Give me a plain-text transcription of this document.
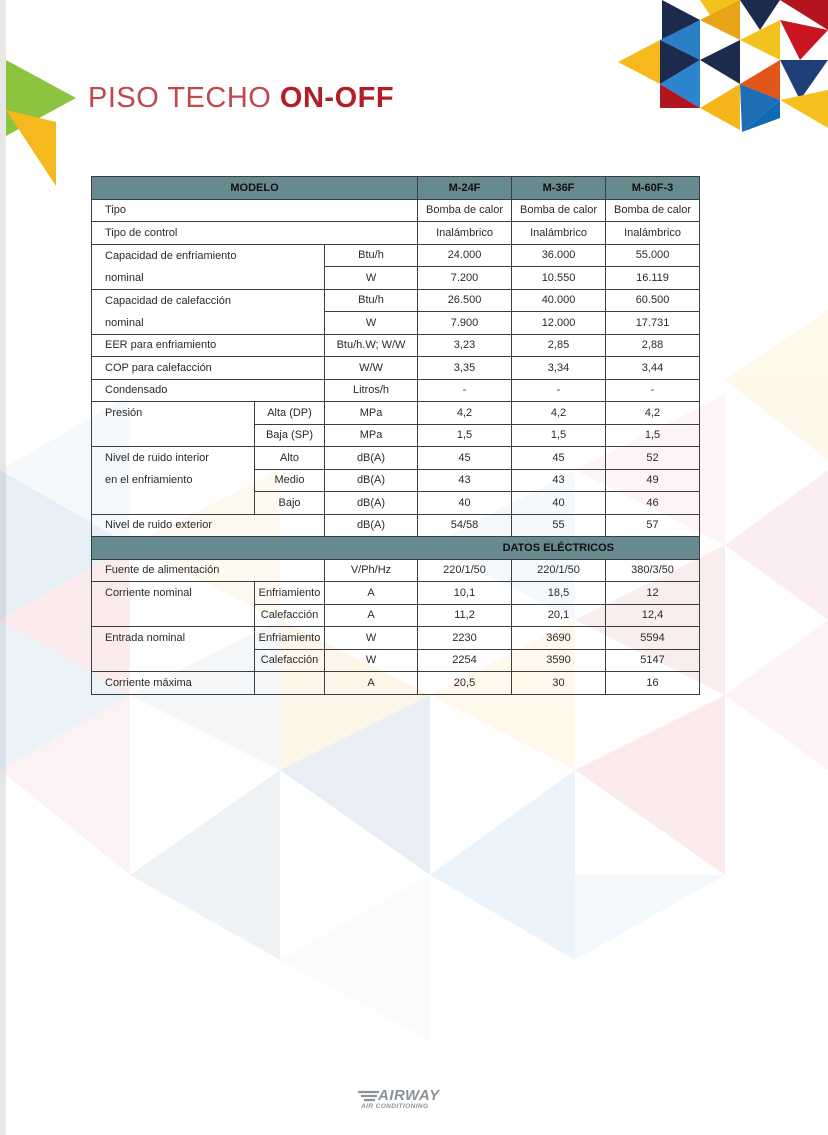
PISO TECHO ON-OFF
MODELO			M-24F	M-36F	M-60F-3
Tipo			Bomba de calor	Bomba de calor	Bomba de calor
Tipo de control			Inalámbrico	Inalámbrico	Inalámbrico
Capacidad de enfriamiento		Btu/h	24.000	36.000	55.000
nominal		W	7.200	10.550	16.119
Capacidad de calefacción		Btu/h	26.500	40.000	60.500
nominal		W	7.900	12.000	17.731
EER para enfriamiento		Btu/h.W; W/W	3,23	2,85	2,88
COP para calefacción		W/W	3,35	3,34	3,44
Condensado		Litros/h	-	-	-
Presión	Alta (DP)	MPa	4,2	4,2	4,2
	Baja (SP)	MPa	1,5	1,5	1,5
Nivel de ruido interior	Alto	dB(A)	45	45	52
en el enfriamiento	Medio	dB(A)	43	43	49
	Bajo	dB(A)	40	40	46
Nivel de ruido exterior		dB(A)	54/58	55	57
DATOS ELÉCTRICOS					
Fuente de alimentación		V/Ph/Hz	220/1/50	220/1/50	380/3/50
Corriente nominal	Enfriamiento	A	10,1	18,5	12
	Calefacción	A	11,2	20,1	12,4
Entrada nominal	Enfriamiento	W	2230	3690	5594
	Calefacción	W	2254	3590	5147
Corriente máxima		A	20,5	30	16
AIRWAY
AIR CONDITIONING
